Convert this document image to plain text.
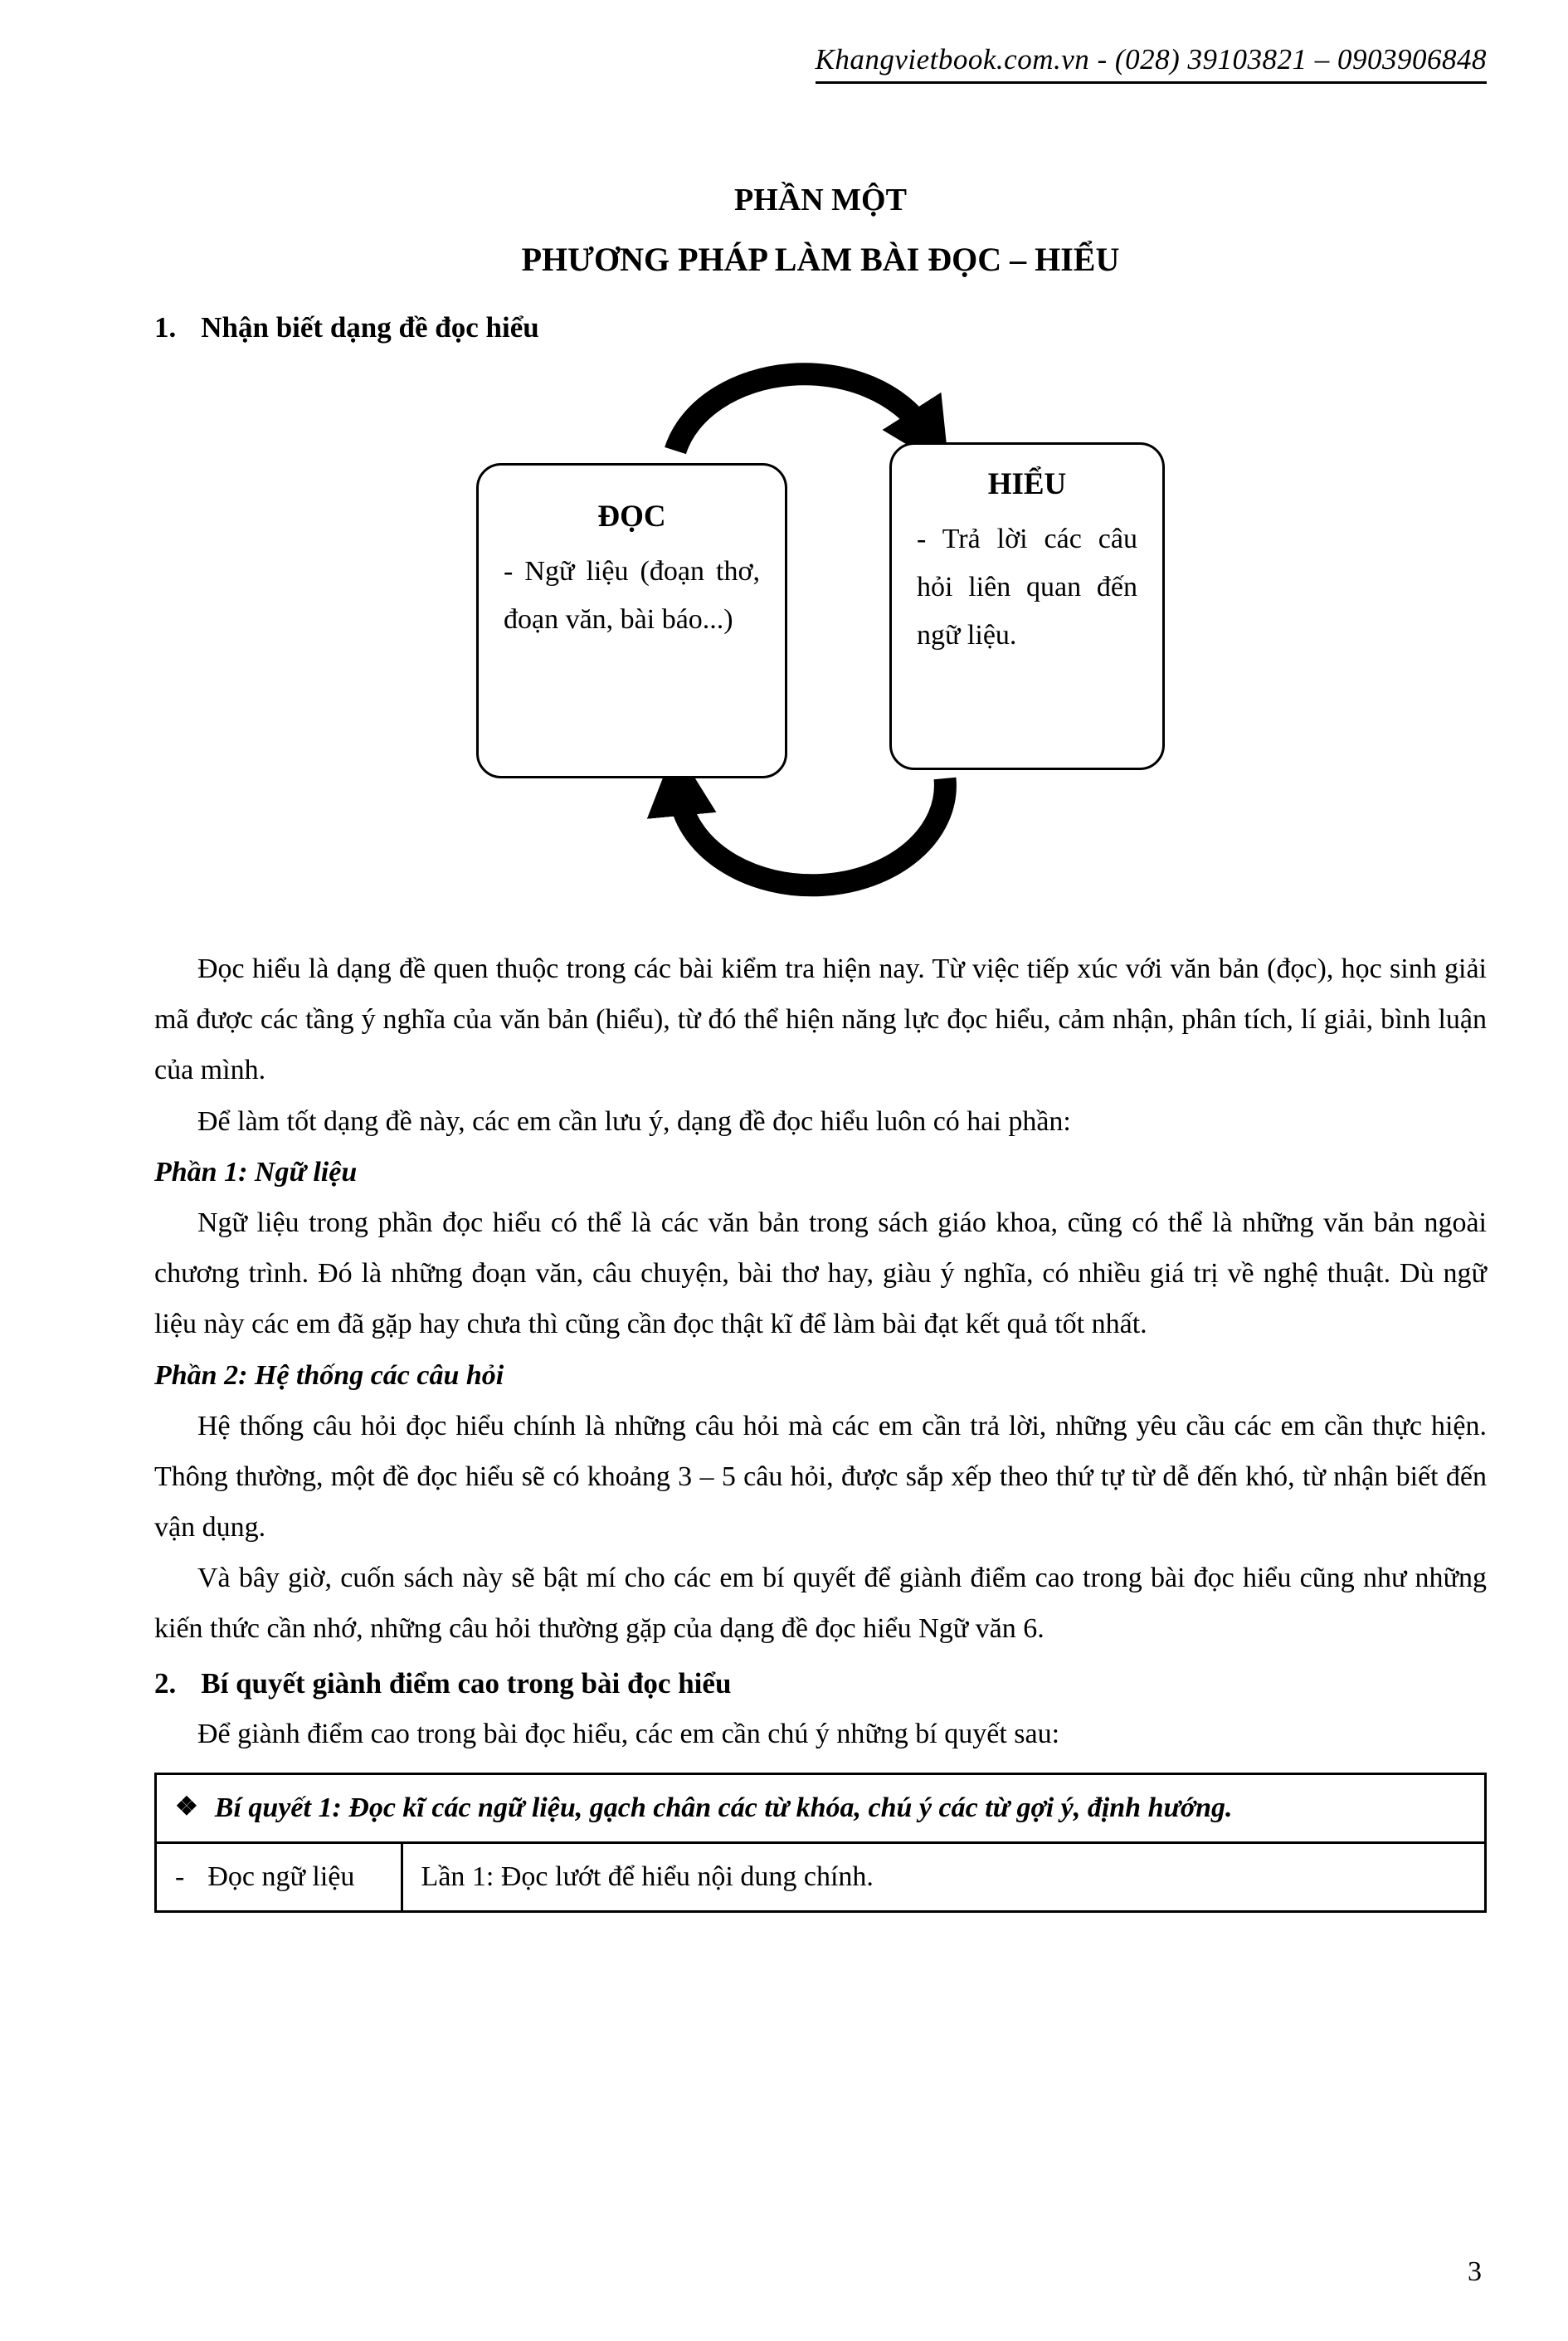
Khangvietbook.com.vn - (028) 39103821 – 0903906848
PHẦN MỘT
PHƯƠNG PHÁP LÀM BÀI ĐỌC – HIỂU
1. Nhận biết dạng đề đọc hiểu
ĐỌC
- Ngữ liệu (đoạn thơ, đoạn văn, bài báo...)
HIỂU
- Trả lời các câu hỏi liên quan đến ngữ liệu.

Đọc hiểu là dạng đề quen thuộc trong các bài kiểm tra hiện nay. Từ việc tiếp xúc với văn bản (đọc), học sinh giải mã được các tầng ý nghĩa của văn bản (hiểu), từ đó thể hiện năng lực đọc hiểu, cảm nhận, phân tích, lí giải, bình luận của mình.

Để làm tốt dạng đề này, các em cần lưu ý, dạng đề đọc hiểu luôn có hai phần:

Phần 1: Ngữ liệu

Ngữ liệu trong phần đọc hiểu có thể là các văn bản trong sách giáo khoa, cũng có thể là những văn bản ngoài chương trình. Đó là những đoạn văn, câu chuyện, bài thơ hay, giàu ý nghĩa, có nhiều giá trị về nghệ thuật. Dù ngữ liệu này các em đã gặp hay chưa thì cũng cần đọc thật kĩ để làm bài đạt kết quả tốt nhất.

Phần 2: Hệ thống các câu hỏi

Hệ thống câu hỏi đọc hiểu chính là những câu hỏi mà các em cần trả lời, những yêu cầu các em cần thực hiện. Thông thường, một đề đọc hiểu sẽ có khoảng 3 – 5 câu hỏi, được sắp xếp theo thứ tự từ dễ đến khó, từ nhận biết đến vận dụng.

Và bây giờ, cuốn sách này sẽ bật mí cho các em bí quyết để giành điểm cao trong bài đọc hiểu cũng như những kiến thức cần nhớ, những câu hỏi thường gặp của dạng đề đọc hiểu Ngữ văn 6.

2. Bí quyết giành điểm cao trong bài đọc hiểu

Để giành điểm cao trong bài đọc hiểu, các em cần chú ý những bí quyết sau:

❖ Bí quyết 1: Đọc kĩ các ngữ liệu, gạch chân các từ khóa, chú ý các từ gợi ý, định hướng.
- Đọc ngữ liệu	Lần 1: Đọc lướt để hiểu nội dung chính.
3
